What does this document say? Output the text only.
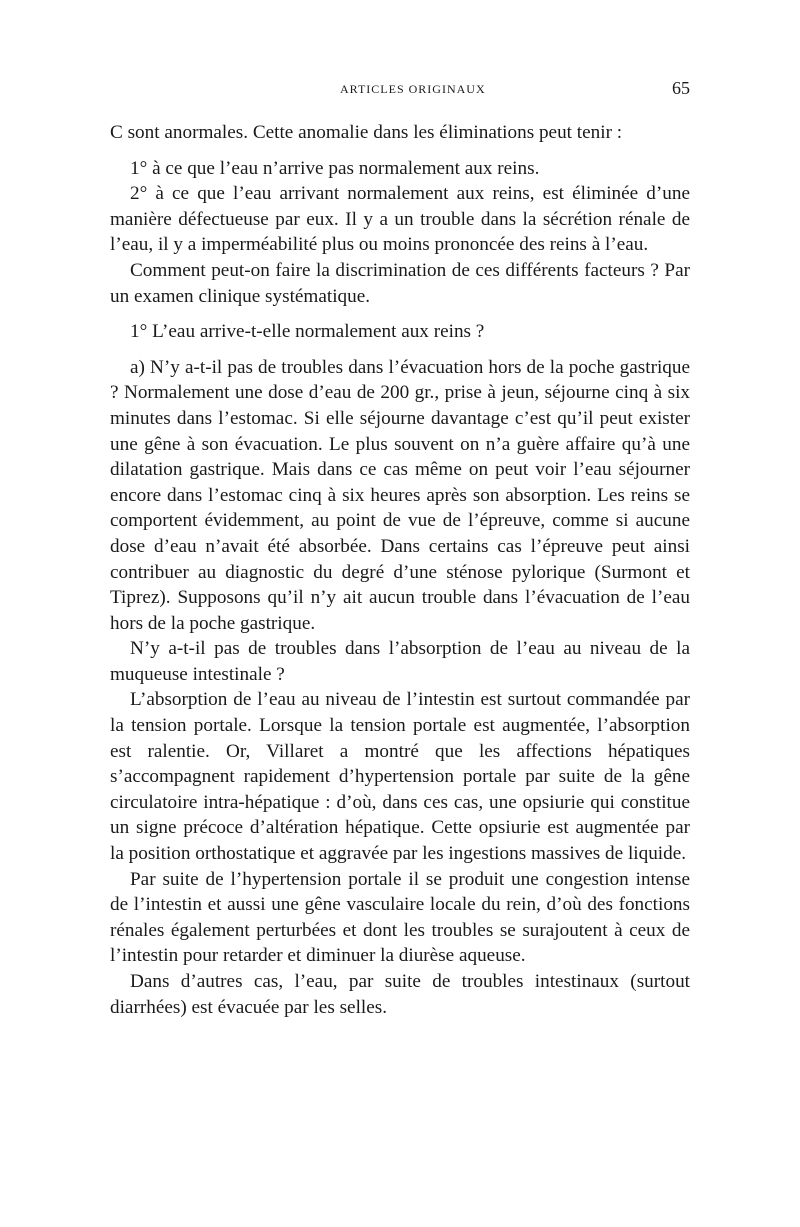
ARTICLES ORIGINAUX	65

C sont anormales. Cette anomalie dans les éliminations peut tenir :

1° à ce que l’eau n’arrive pas normalement aux reins.

2° à ce que l’eau arrivant normalement aux reins, est éliminée d’une manière défectueuse par eux. Il y a un trouble dans la sécrétion rénale de l’eau, il y a imperméabilité plus ou moins prononcée des reins à l’eau.

Comment peut-on faire la discrimination de ces différents facteurs ? Par un examen clinique systématique.

1° L’eau arrive-t-elle normalement aux reins ?

a) N’y a-t-il pas de troubles dans l’évacuation hors de la poche gastrique ? Normalement une dose d’eau de 200 gr., prise à jeun, séjourne cinq à six minutes dans l’estomac. Si elle séjourne davantage c’est qu’il peut exister une gêne à son évacuation. Le plus souvent on n’a guère affaire qu’à une dilatation gastrique. Mais dans ce cas même on peut voir l’eau séjourner encore dans l’estomac cinq à six heures après son absorption. Les reins se comportent évidemment, au point de vue de l’épreuve, comme si aucune dose d’eau n’avait été absorbée. Dans certains cas l’épreuve peut ainsi contribuer au diagnostic du degré d’une sténose pylorique (Surmont et Tiprez). Supposons qu’il n’y ait aucun trouble dans l’évacuation de l’eau hors de la poche gastrique.

N’y a-t-il pas de troubles dans l’absorption de l’eau au niveau de la muqueuse intestinale ?

L’absorption de l’eau au niveau de l’intestin est surtout commandée par la tension portale. Lorsque la tension portale est augmentée, l’absorption est ralentie. Or, Villaret a montré que les affections hépatiques s’accompagnent rapidement d’hypertension portale par suite de la gêne circulatoire intra-hépatique : d’où, dans ces cas, une opsiurie qui constitue un signe précoce d’altération hépatique. Cette opsiurie est augmentée par la position orthostatique et aggravée par les ingestions massives de liquide.

Par suite de l’hypertension portale il se produit une congestion intense de l’intestin et aussi une gêne vasculaire locale du rein, d’où des fonctions rénales également perturbées et dont les troubles se surajoutent à ceux de l’intestin pour retarder et diminuer la diurèse aqueuse.

Dans d’autres cas, l’eau, par suite de troubles intestinaux (surtout diarrhées) est évacuée par les selles.
